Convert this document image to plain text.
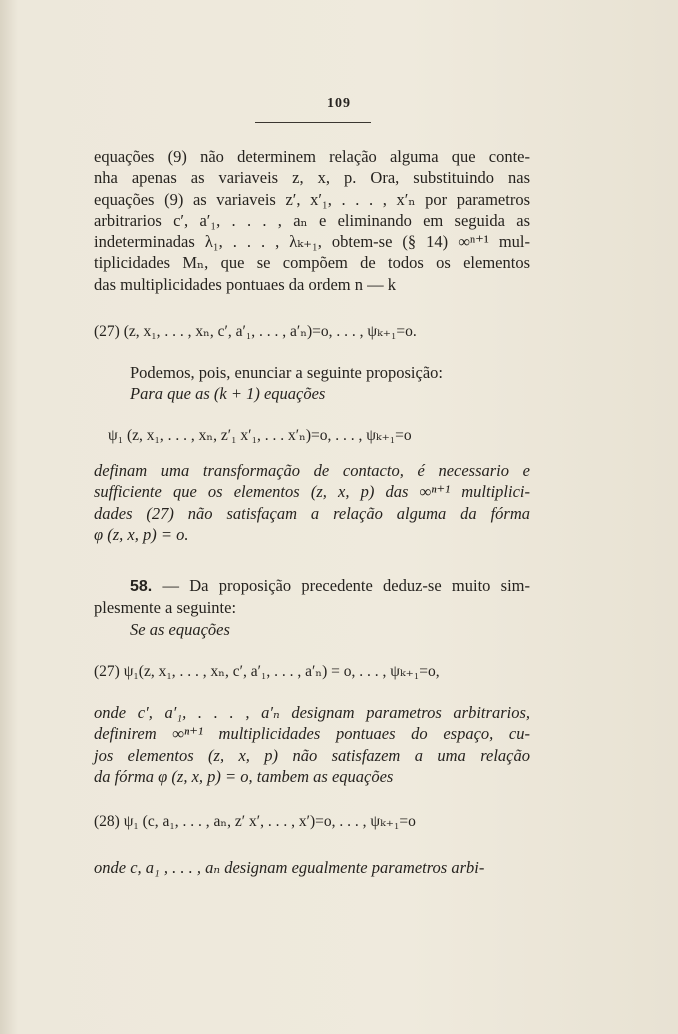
109
equações (9) não determinem relação alguma que conte-
nha apenas as variaveis z, x, p. Ora, substituindo nas
equações (9) as variaveis z′, x′₁, . . . , x′ₙ por parametros
arbitrarios c′, a′₁, . . . , aₙ e eliminando em seguida as
indeterminadas λ₁, . . . , λₖ₊₁, obtem-se (§ 14) ∞ⁿ⁺¹ mul-
tiplicidades Mₙ, que se compõem de todos os elementos
das multiplicidades pontuaes da ordem n — k
(27) (z, x₁, . . . , xₙ, c′, a′₁, . . . , a′ₙ)=o, . . . , ψₖ₊₁=o.
Podemos, pois, enunciar a seguinte proposição:
Para que as (k + 1) equações
ψ₁ (z, x₁, . . . , xₙ, z′₁ x′₁, . . . x′ₙ)=o, . . . , ψₖ₊₁=o
definam uma transformação de contacto, é necessario e
sufficiente que os elementos (z, x, p) das ∞ⁿ⁺¹ multiplici-
dades (27) não satisfaçam a relação alguma da fórma
φ (z, x, p) = o.
58. — Da proposição precedente deduz-se muito sim-
plesmente a seguinte:
Se as equações
(27) ψ₁(z, x₁, . . . , xₙ, c′, a′₁, . . . , a′ₙ) = o, . . . , ψₖ₊₁=o,
onde c′, a′₁, . . . , a′ₙ designam parametros arbitrarios,
definirem ∞ⁿ⁺¹ multiplicidades pontuaes do espaço, cu-
jos elementos (z, x, p) não satisfazem a uma relação
da fórma φ (z, x, p) = o, tambem as equações
(28) ψ₁ (c, a₁, . . . , aₙ, z′ x′, . . . , x′)=o, . . . , ψₖ₊₁=o
onde c, a₁ , . . . , aₙ designam egualmente parametros arbi-
